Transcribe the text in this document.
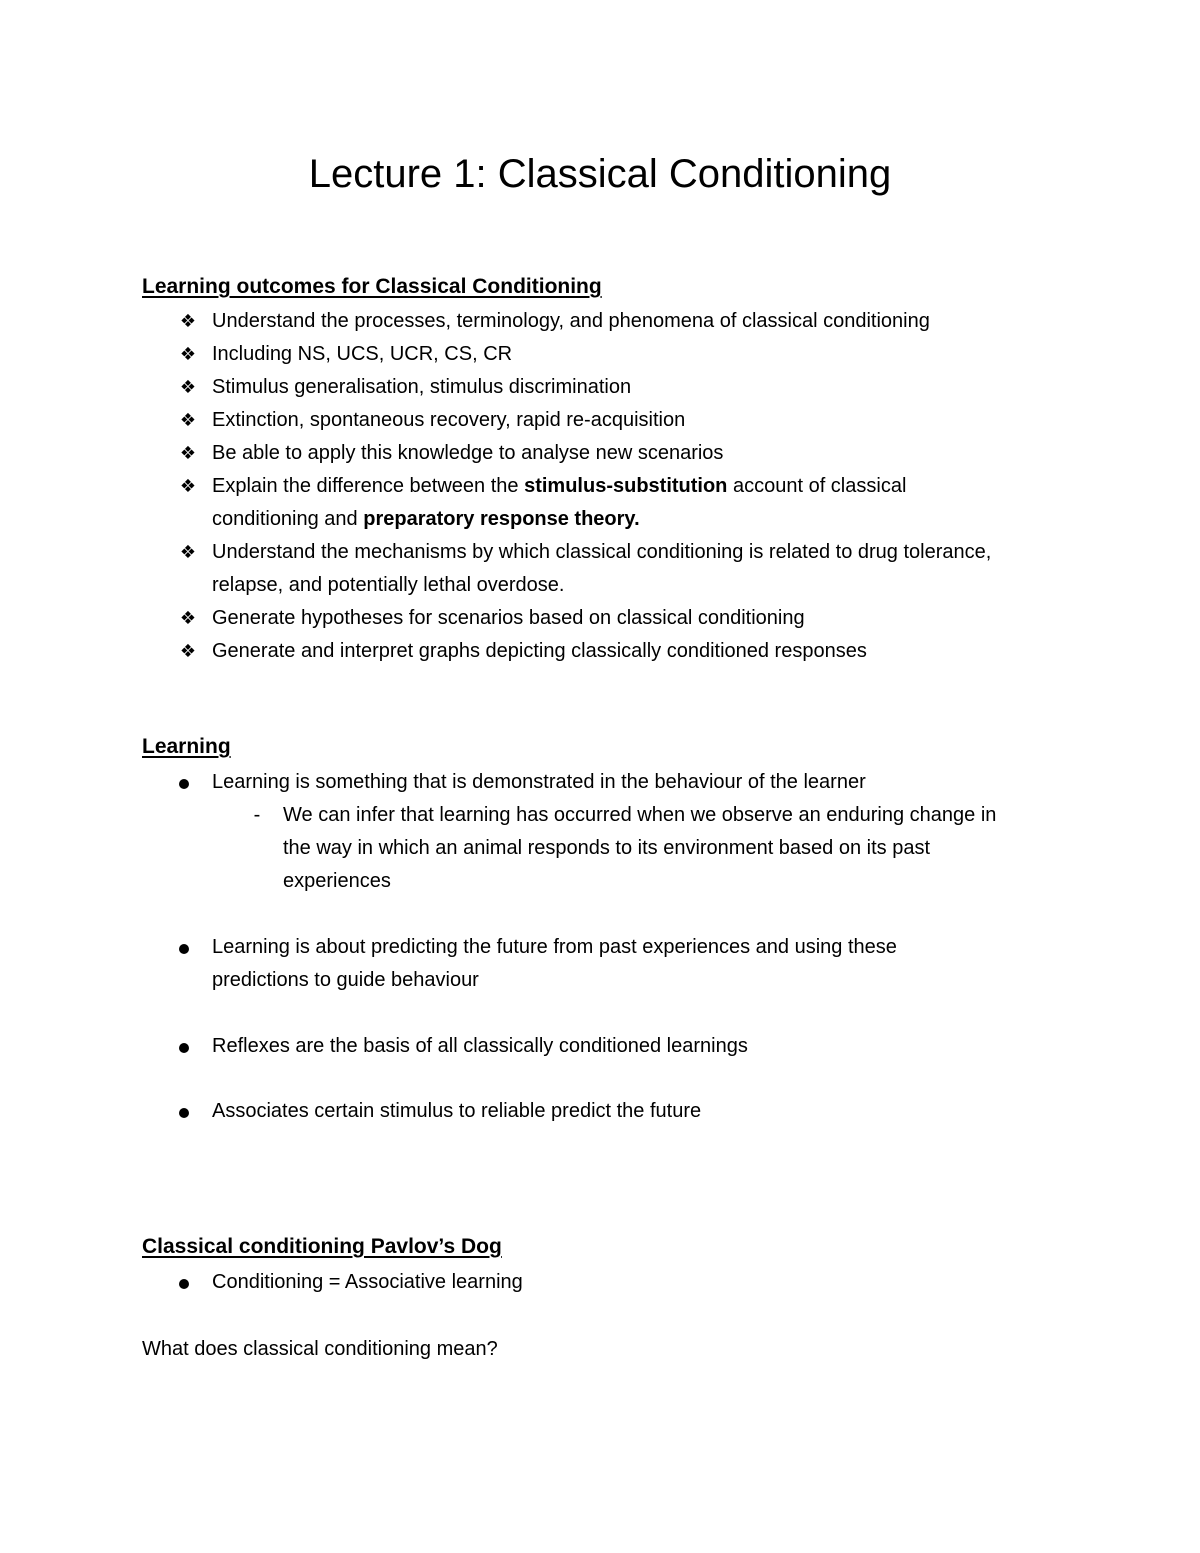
Lecture 1: Classical Conditioning
Learning outcomes for Classical Conditioning

❖ Understand the processes, terminology, and phenomena of classical conditioning

❖ Including NS, UCS, UCR, CS, CR

❖ Stimulus generalisation, stimulus discrimination

❖ Extinction, spontaneous recovery, rapid re-acquisition

❖ Be able to apply this knowledge to analyse new scenarios

❖ Explain the difference between the stimulus-substitution account of classical
conditioning and preparatory response theory.

❖ Understand the mechanisms by which classical conditioning is related to drug tolerance,
relapse, and potentially lethal overdose.

❖ Generate hypotheses for scenarios based on classical conditioning

❖ Generate and interpret graphs depicting classically conditioned responses

Learning

Learning is something that is demonstrated in the behaviour of the learner

-	We can infer that learning has occurred when we observe an enduring change in
the way in which an animal responds to its environment based on its past
experiences

Learning is about predicting the future from past experiences and using these
predictions to guide behaviour

Reflexes are the basis of all classically conditioned learnings

Associates certain stimulus to reliable predict the future

Classical conditioning Pavlov’s Dog

Conditioning = Associative learning

What does classical conditioning mean?
